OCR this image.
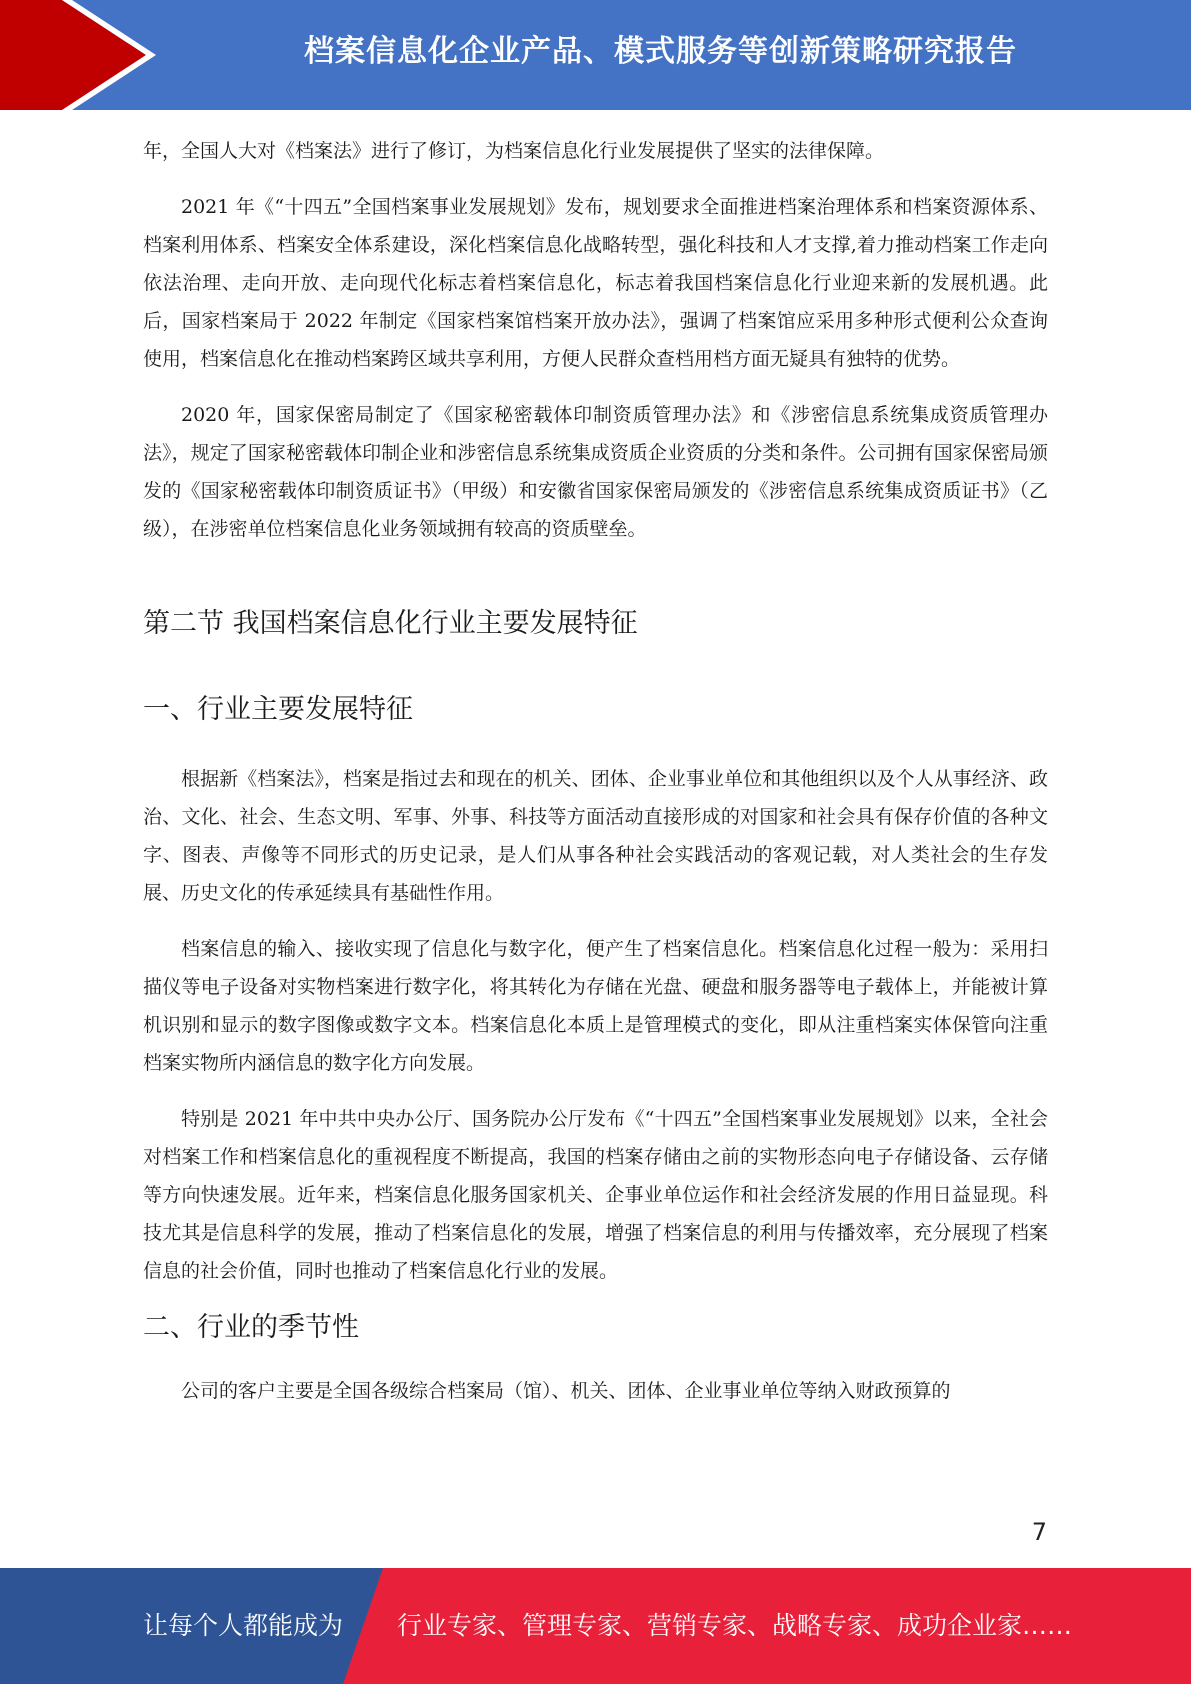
档案信息化企业产品、模式服务等创新策略研究报告

年，全国人大对《档案法》进行了修订，为档案信息化行业发展提供了坚实的法律保障。

2021 年《“十四五”全国档案事业发展规划》发布，规划要求全面推进档案治理体系和档案资源体系、档案利用体系、档案安全体系建设，深化档案信息化战略转型，强化科技和人才支撑,着力推动档案工作走向依法治理、走向开放、走向现代化标志着档案信息化，标志着我国档案信息化行业迎来新的发展机遇。此后，国家档案局于 2022 年制定《国家档案馆档案开放办法》，强调了档案馆应采用多种形式便利公众查询使用，档案信息化在推动档案跨区域共享利用，方便人民群众查档用档方面无疑具有独特的优势。

2020 年，国家保密局制定了《国家秘密载体印制资质管理办法》和《涉密信息系统集成资质管理办法》，规定了国家秘密载体印制企业和涉密信息系统集成资质企业资质的分类和条件。公司拥有国家保密局颁发的《国家秘密载体印制资质证书》（甲级）和安徽省国家保密局颁发的《涉密信息系统集成资质证书》（乙级），在涉密单位档案信息化业务领域拥有较高的资质壁垒。

第二节 我国档案信息化行业主要发展特征
一、行业主要发展特征

根据新《档案法》，档案是指过去和现在的机关、团体、企业事业单位和其他组织以及个人从事经济、政治、文化、社会、生态文明、军事、外事、科技等方面活动直接形成的对国家和社会具有保存价值的各种文字、图表、声像等不同形式的历史记录，是人们从事各种社会实践活动的客观记载，对人类社会的生存发展、历史文化的传承延续具有基础性作用。

档案信息的输入、接收实现了信息化与数字化，便产生了档案信息化。档案信息化过程一般为：采用扫描仪等电子设备对实物档案进行数字化，将其转化为存储在光盘、硬盘和服务器等电子载体上，并能被计算机识别和显示的数字图像或数字文本。档案信息化本质上是管理模式的变化，即从注重档案实体保管向注重档案实物所内涵信息的数字化方向发展。

特别是 2021 年中共中央办公厅、国务院办公厅发布《“十四五”全国档案事业发展规划》以来，全社会对档案工作和档案信息化的重视程度不断提高，我国的档案存储由之前的实物形态向电子存储设备、云存储等方向快速发展。近年来，档案信息化服务国家机关、企事业单位运作和社会经济发展的作用日益显现。科技尤其是信息科学的发展，推动了档案信息化的发展，增强了档案信息的利用与传播效率，充分展现了档案信息的社会价值，同时也推动了档案信息化行业的发展。

二、行业的季节性

公司的客户主要是全国各级综合档案局（馆）、机关、团体、企业事业单位等纳入财政预算的

7
让每个人都能成为 行业专家、管理专家、营销专家、战略专家、成功企业家……
